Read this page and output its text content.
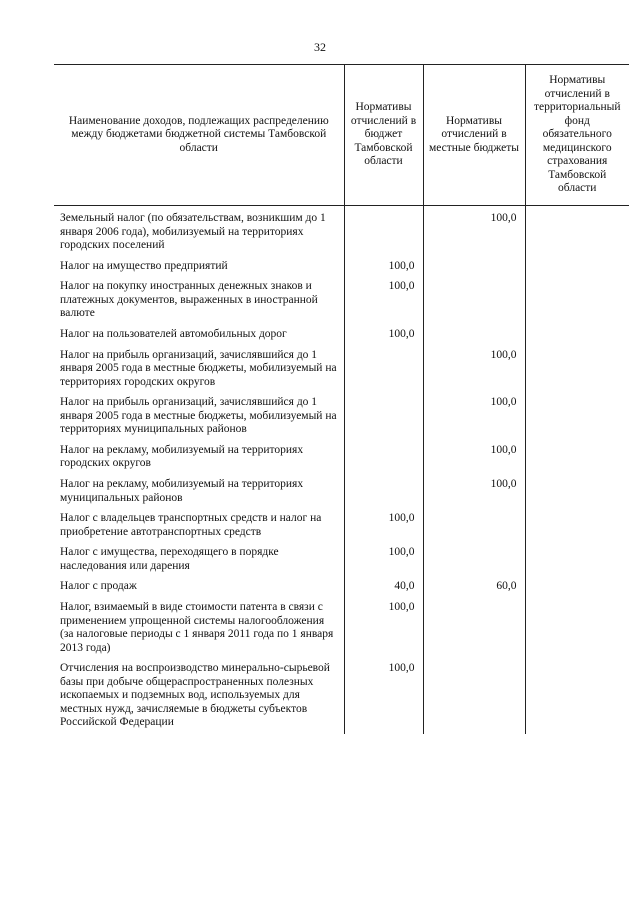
32
Наименование доходов, подлежащих распределению между бюджетами бюджетной системы Тамбовской области	Нормативы отчислений в бюджет Тамбовской области	Нормативы отчислений в местные бюджеты	Нормативы отчислений в территориальный фонд обязательного медицинского страхования Тамбовской области
Земельный налог (по обязательствам, возникшим до 1 января 2006 года), мобилизуемый на территориях городских поселений		100,0	
Налог на имущество предприятий	100,0		
Налог на покупку иностранных денежных знаков и платежных документов, выраженных в иностранной валюте	100,0		
Налог на пользователей автомобильных дорог	100,0		
Налог на прибыль организаций, зачислявшийся до 1 января 2005 года в местные бюджеты, мобилизуемый на территориях городских округов		100,0	
Налог на прибыль организаций, зачислявшийся до 1 января 2005 года в местные бюджеты, мобилизуемый на территориях муниципальных районов		100,0	
Налог на рекламу, мобилизуемый на территориях городских округов		100,0	
Налог на рекламу, мобилизуемый на территориях муниципальных районов		100,0	
Налог с владельцев транспортных средств и налог на приобретение автотранспортных средств	100,0		
Налог с имущества, переходящего в порядке наследования или дарения	100,0		
Налог с продаж	40,0	60,0	
Налог, взимаемый в виде стоимости патента в связи с применением упрощенной системы налогообложения (за налоговые периоды с 1 января 2011 года по 1 января 2013 года)	100,0		
Отчисления на воспроизводство минерально-сырьевой базы при добыче общераспространенных полезных ископаемых и подземных вод, используемых для местных нужд, зачисляемые в бюджеты субъектов Российской Федерации	100,0		
